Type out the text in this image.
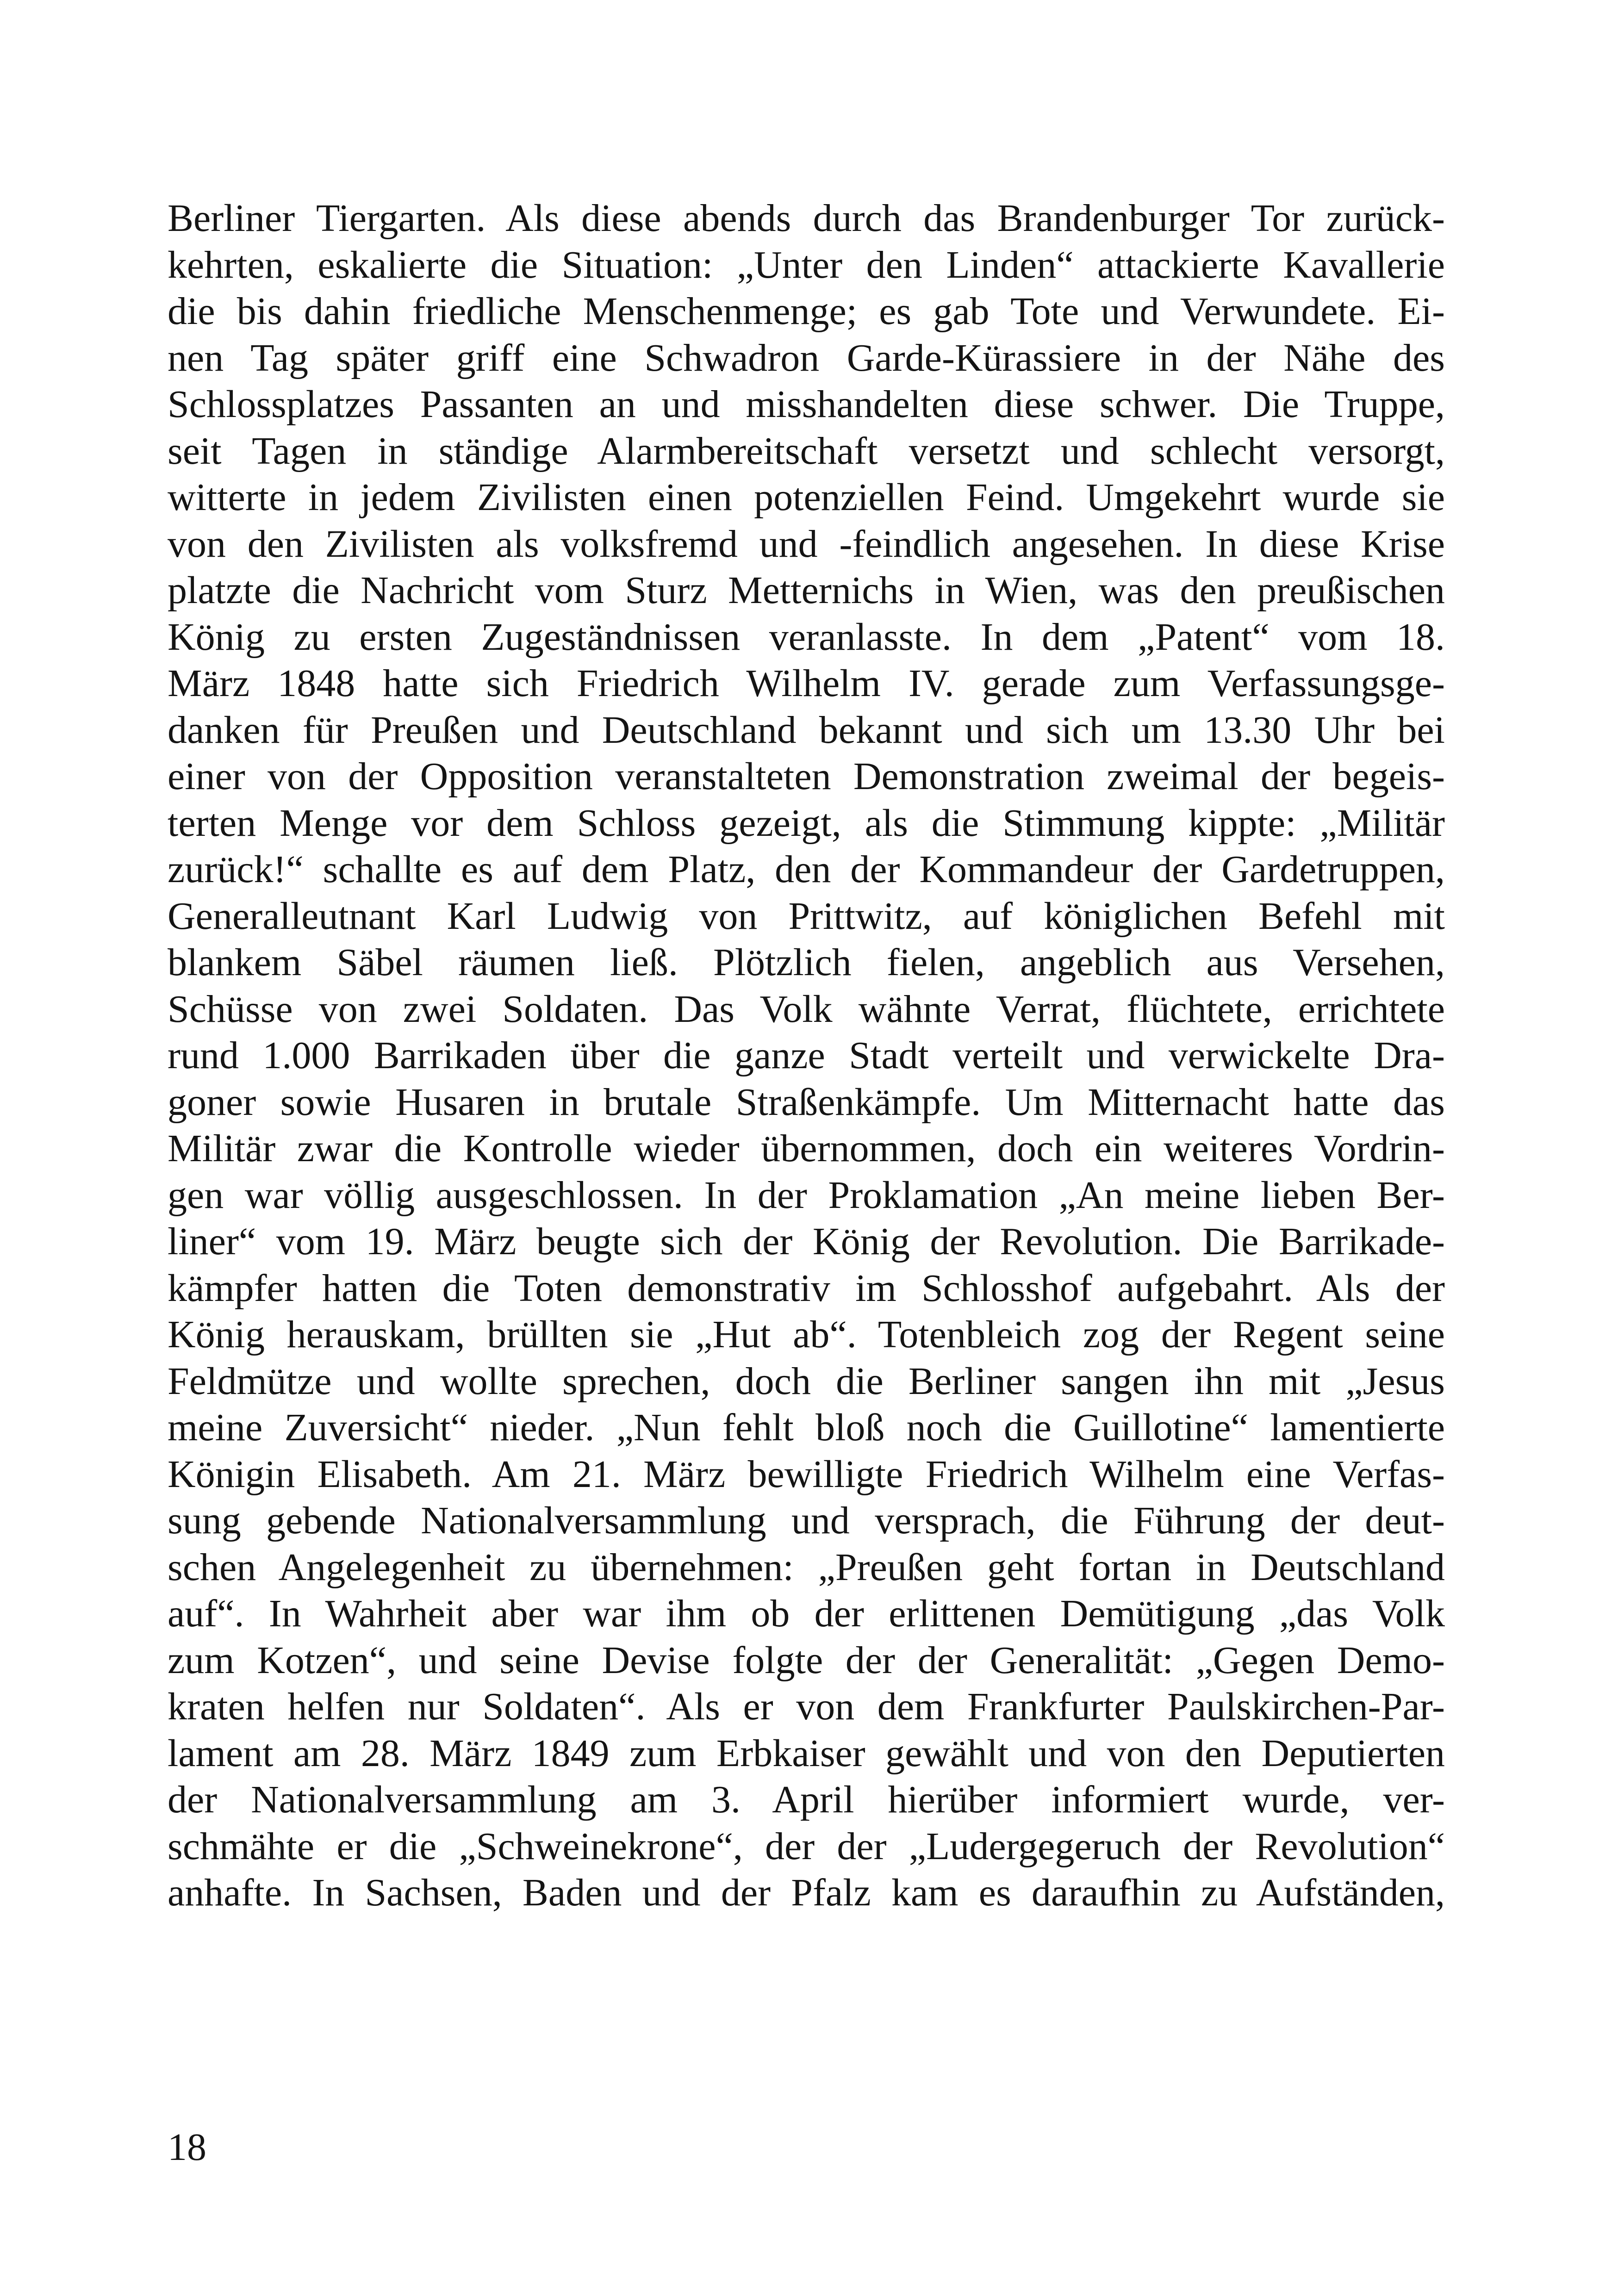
Berliner Tiergarten. Als diese abends durch das Brandenburger Tor zurück-
kehrten, eskalierte die Situation: „Unter den Linden“ attackierte Kavallerie
die bis dahin friedliche Menschenmenge; es gab Tote und Verwundete. Ei-
nen Tag später griff eine Schwadron Garde-Kürassiere in der Nähe des
Schlossplatzes Passanten an und misshandelten diese schwer. Die Truppe,
seit Tagen in ständige Alarmbereitschaft versetzt und schlecht versorgt,
witterte in jedem Zivilisten einen potenziellen Feind. Umgekehrt wurde sie
von den Zivilisten als volksfremd und -feindlich angesehen. In diese Krise
platzte die Nachricht vom Sturz Metternichs in Wien, was den preußischen
König zu ersten Zugeständnissen veranlasste. In dem „Patent“ vom 18.
März 1848 hatte sich Friedrich Wilhelm IV. gerade zum Verfassungsge-
danken für Preußen und Deutschland bekannt und sich um 13.30 Uhr bei
einer von der Opposition veranstalteten Demonstration zweimal der begeis-
terten Menge vor dem Schloss gezeigt, als die Stimmung kippte: „Militär
zurück!“ schallte es auf dem Platz, den der Kommandeur der Gardetruppen,
Generalleutnant Karl Ludwig von Prittwitz, auf königlichen Befehl mit
blankem Säbel räumen ließ. Plötzlich fielen, angeblich aus Versehen,
Schüsse von zwei Soldaten. Das Volk wähnte Verrat, flüchtete, errichtete
rund 1.000 Barrikaden über die ganze Stadt verteilt und verwickelte Dra-
goner sowie Husaren in brutale Straßenkämpfe. Um Mitternacht hatte das
Militär zwar die Kontrolle wieder übernommen, doch ein weiteres Vordrin-
gen war völlig ausgeschlossen. In der Proklamation „An meine lieben Ber-
liner“ vom 19. März beugte sich der König der Revolution. Die Barrikade-
kämpfer hatten die Toten demonstrativ im Schlosshof aufgebahrt. Als der
König herauskam, brüllten sie „Hut ab“. Totenbleich zog der Regent seine
Feldmütze und wollte sprechen, doch die Berliner sangen ihn mit „Jesus
meine Zuversicht“ nieder. „Nun fehlt bloß noch die Guillotine“ lamentierte
Königin Elisabeth. Am 21. März bewilligte Friedrich Wilhelm eine Verfas-
sung gebende Nationalversammlung und versprach, die Führung der deut-
schen Angelegenheit zu übernehmen: „Preußen geht fortan in Deutschland
auf“. In Wahrheit aber war ihm ob der erlittenen Demütigung „das Volk
zum Kotzen“, und seine Devise folgte der der Generalität: „Gegen Demo-
kraten helfen nur Soldaten“. Als er von dem Frankfurter Paulskirchen-Par-
lament am 28. März 1849 zum Erbkaiser gewählt und von den Deputierten
der Nationalversammlung am 3. April hierüber informiert wurde, ver-
schmähte er die „Schweinekrone“, der der „Ludergegeruch der Revolution“
anhafte. In Sachsen, Baden und der Pfalz kam es daraufhin zu Aufständen,
18
